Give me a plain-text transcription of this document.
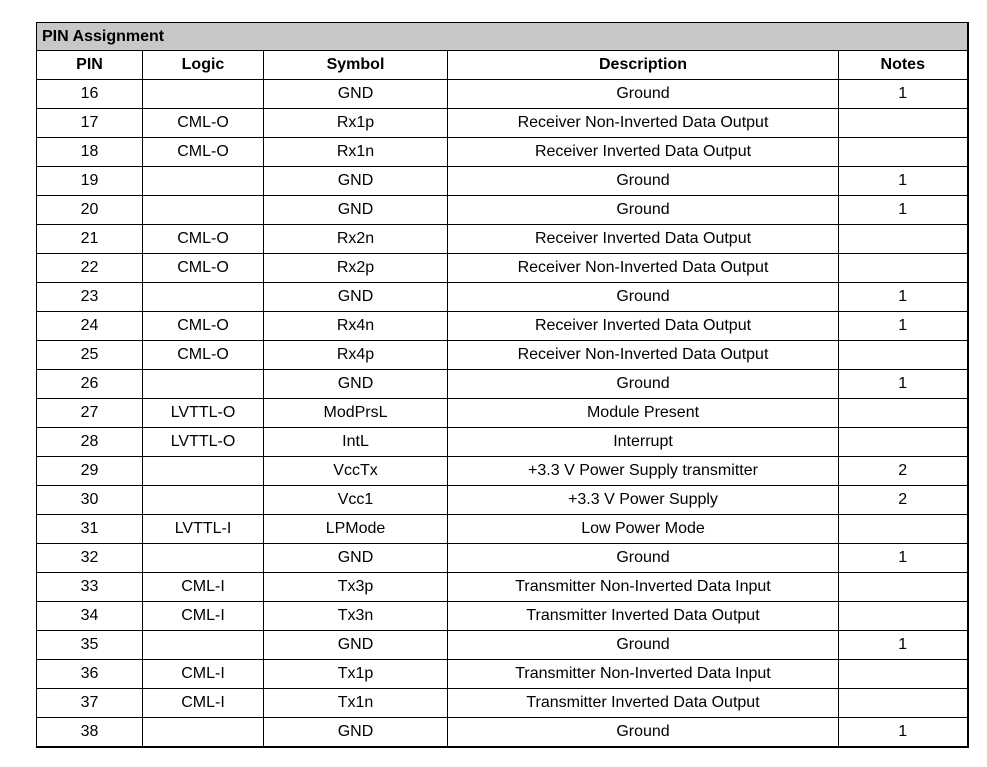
PIN Assignment				
PIN	Logic	Symbol	Description	Notes
16		GND	Ground	1
17	CML-O	Rx1p	Receiver Non-Inverted Data Output	
18	CML-O	Rx1n	Receiver Inverted Data Output	
19		GND	Ground	1
20		GND	Ground	1
21	CML-O	Rx2n	Receiver Inverted Data Output	
22	CML-O	Rx2p	Receiver Non-Inverted Data Output	
23		GND	Ground	1
24	CML-O	Rx4n	Receiver Inverted Data Output	1
25	CML-O	Rx4p	Receiver Non-Inverted Data Output	
26		GND	Ground	1
27	LVTTL-O	ModPrsL	Module Present	
28	LVTTL-O	IntL	Interrupt	
29		VccTx	+3.3 V Power Supply transmitter	2
30		Vcc1	+3.3 V Power Supply	2
31	LVTTL-I	LPMode	Low Power Mode	
32		GND	Ground	1
33	CML-I	Tx3p	Transmitter Non-Inverted Data Input	
34	CML-I	Tx3n	Transmitter Inverted Data Output	
35		GND	Ground	1
36	CML-I	Tx1p	Transmitter Non-Inverted Data Input	
37	CML-I	Tx1n	Transmitter Inverted Data Output	
38		GND	Ground	1
